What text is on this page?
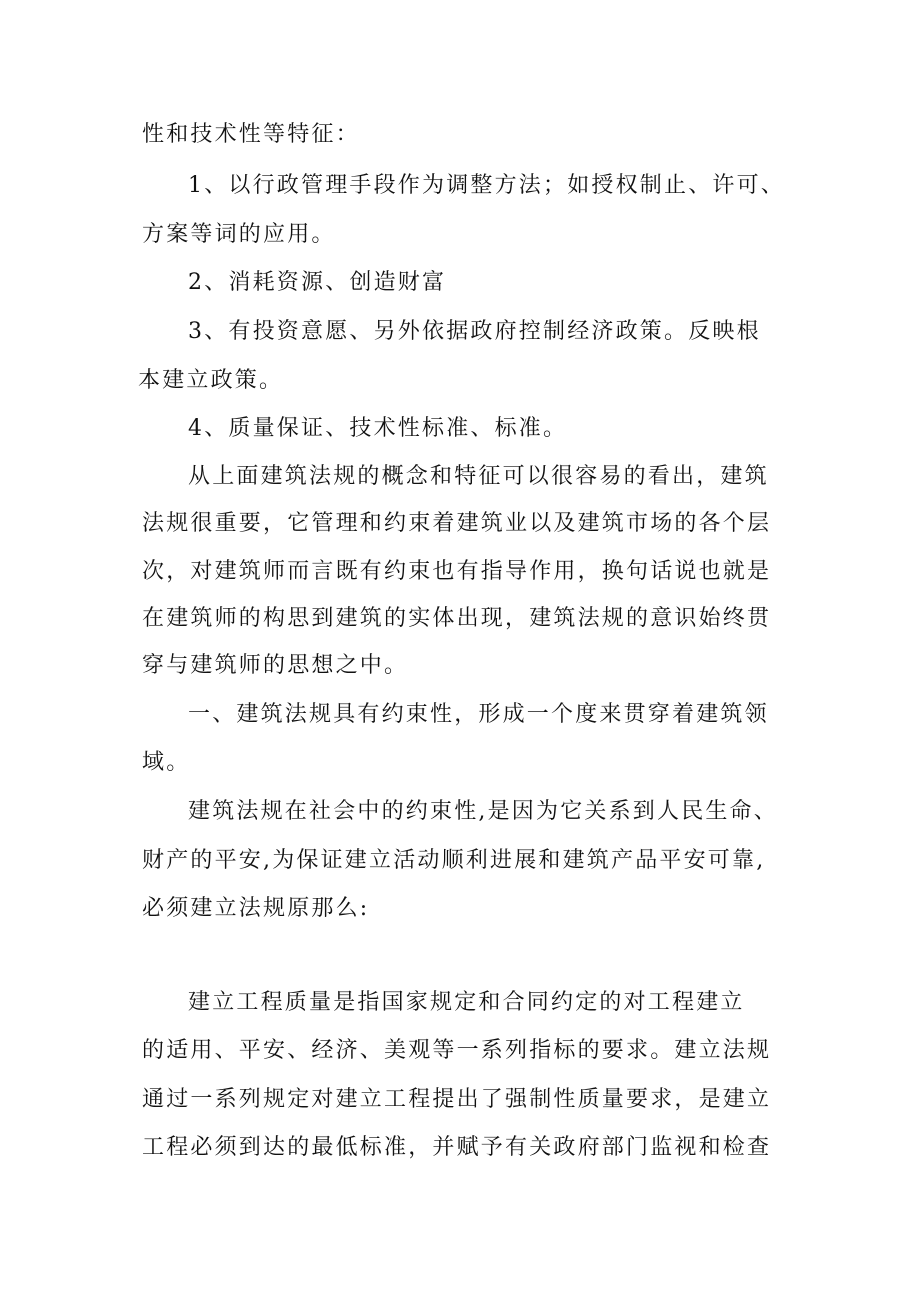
性和技术性等特征：
1、以行政管理手段作为调整方法；如授权制止、许可、
方案等词的应用。
2、消耗资源、创造财富
3、有投资意愿、另外依据政府控制经济政策。反映根
本建立政策。
4、质量保证、技术性标准、标准。
从上面建筑法规的概念和特征可以很容易的看出，建筑
法规很重要，它管理和约束着建筑业以及建筑市场的各个层
次，对建筑师而言既有约束也有指导作用，换句话说也就是
在建筑师的构思到建筑的实体出现，建筑法规的意识始终贯
穿与建筑师的思想之中。
一、建筑法规具有约束性，形成一个度来贯穿着建筑领
域。
建筑法规在社会中的约束性,是因为它关系到人民生命、
财产的平安,为保证建立活动顺利进展和建筑产品平安可靠,
必须建立法规原那么:
建立工程质量是指国家规定和合同约定的对工程建立
的适用、平安、经济、美观等一系列指标的要求。建立法规
通过一系列规定对建立工程提出了强制性质量要求，是建立
工程必须到达的最低标准，并赋予有关政府部门监视和检查
